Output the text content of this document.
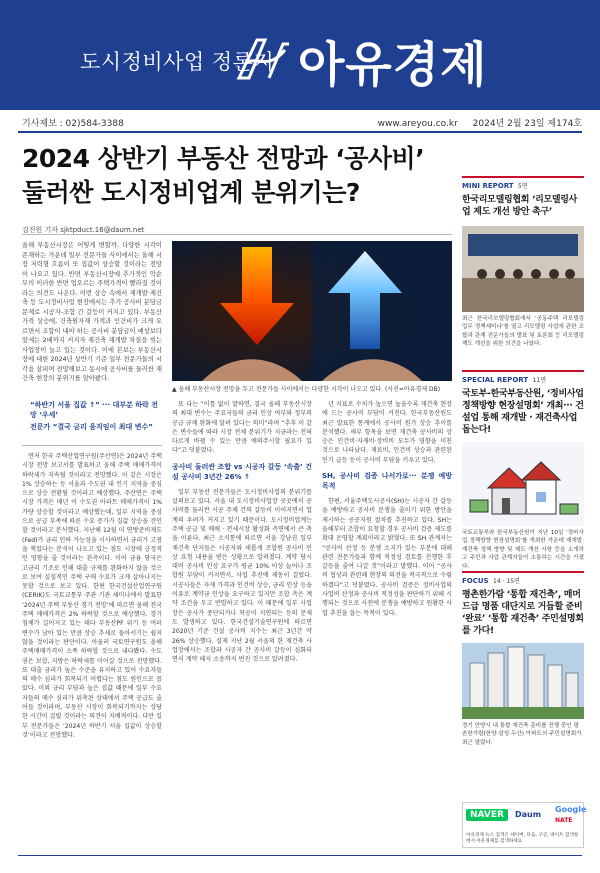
도시정비사업 정론지 아유경제
기사제보 : 02)584-3388	www.areyou.co.kr 2024년 2월 23일 제174호
2024 상반기 부동산 전망과 ‘공사비’ 둘러싼 도시정비업계 분위기는?
김진원 기자 sjktpduct.16@daum.net
올해 부동산시장은 어떻게 변할까. 다양한 시각이 존재하는 가운데 일부 전문가들 사이에서는 올해 시장 저력형 흐름이 또 집값이 상승할 것이라는 전망이 나오고 있다. 반면 부동산시장에 추가적인 악순 무의 이러한 반면 업오르는 주택가격이 빨라질 것이라는 의견도 나온다. 이번 상승 속에서 재개발·재건축 등 도시정비사업 현장에서는 추가 공사비 분담금 문제로 시공자-조합 간 갈등이 커지고 있다. 부동산 가격 상승에, 건축원자재 가격과 인건비가 크게 오르면서 조합이 내야 하는 공사비 분담금이 예상보다 앞세는 2배까지 커지자 재건축 재개발 차질을 빚는 사업장이 늘고 있는 것이다. 이에 본보는 부동산시장에 대한 2024년 상반기 기준 일부 전문가들의 시각을 살피며 전망해보고 동시에 공사비를 둘러싼 재건축 현장의 분위기를 알아봤다.
▲ 올해 부동산시장 전망을 두고 전문가들 사이에서는 다양한 시각이 나오고 있다. (사진=아유경제 DB)
“하반기 서울 집값 ↑” ··· 대부분 하락 전망 ‘우세’
전문가 “결국 금리 움직임이 최대 변수”

먼저 한국 주택산업연구원(주산연)은 2024년 주택시장 전망 보고서를 발표하고 올해 주택 매매가격이 하락세가 지속될 것이라고 전망했다. 이 같은 시장은 1% 상승하는 등 서울과 수도권 내 인기 지역을 중심으로 상승 전환될 것이라고 예상했다. 주산연은 주택시장 가격은 매년 이 수도권 아파트 매매가격이 1% 가량 상승할 것이라고 예상했는데, 일부 지역을 중심으로 공급 부족에 따른 수요 증가가 집값 상승을 견인할 것이라고 분석했다. 지난해 12월 미 연방준비제도(Fed)가 금리 인하 가능성을 시사하면서 금리가 고점을 찍었다는 분석이 나오고 있는 점도 시장에 긍정적인 영향을 줄 것이라는 관측이다. 이어 금융 당국은 고금리 기조로 인해 대출 규제를 완화하지 않을 것으로 보여 실질적인 주택 구매 수요가 크게 살아나지는 못할 것으로 보고 있다. 한편 한국건설산업연구원(CERIK)도 국토교통부 주관 기관 세미나에서 발표한 ‘2024년 주택 부동산 경기 전망’에 따르면 올해 전국 주택 매매가격은 2% 하락할 것으로 예상했다. 경기침체가 길어지고 있는 데다 부동산PF 위기 등 여러 변수가 남아 있는 만큼 상승 추세로 돌아서기는 쉽지 않을 것이라는 판단이다. 아울러 국토연구원도 올해 주택매매가격이 소폭 하락할 것으로 내다봤다. 수도권은 보합, 지방은 하락세를 이어갈 것으로 전망했다. 또 대출 금리가 높은 수준을 유지하고 있어 수요자들의 매수 심리가 회복되기 어렵다는 점도 원인으로 꼽았다. 이외 금리 부담과 높은 집값 때문에 일부 수요자들의 매수 심리가 위축된 상태에서 주택 공급도 줄어들 것이라며, 부동산 시장이 회복되기까지는 상당한 시간이 걸릴 것이라는 의견이 지배적이다. 다만 일부 전문가들은 ‘2024년 하반기 서울 집값이 상승할 것’이라고 전망했다.

또 다는 “이를 없이 말하면, 결국 올해 부동산시장의 최대 변수는 주요국들의 금리 인상 여부와 정부의 공급 규제 완화에 달려 있다는 의미”라며 “추후 이 같은 변수들에 따라 시장 전체 분위기가 지금과는 전혀 다르게 바뀔 수 있는 만큼 예의주시할 필요가 있다”고 덧붙였다.

공사비 둘러싼 조합 vs 시공자 갈등 ‘속출’ 건설 공사비 3년간 26% ↑

일부 부동산 전문가들은 도시정비사업의 분위기를 살펴보고 있다. 서울 내 도시정비사업장 곳곳에서 공사비를 둘러싼 시공 주체 간의 갈등이 이어지면서 업계의 우려가 커지고 있기 때문이다. 도시정비업계는 주택 공급 및 매매 · 전세시장 활성화 측면에서 큰 축을 이룬다. 최근 소식통에 따르면 서울 강남권 일부 재건축 단지들은 시공자와 새롭게 조합원 공사비 인상 요청 내용을 받은 상황으로 알려졌다. 계약 당시 대비 공사비 인상 요구가 평균 10% 이상 늘어나 조합원 부담이 커지면서, 사업 추진에 제동이 걸렸다. 시공사들은 자재 가격과 인건비 상승, 금리 인상 등을 이유로 계약금 인상을 요구하고 있지만 조합 측은 계약 조건을 두고 반발하고 있다. 이 때문에 일부 사업장은 공사가 중단되거나 착공이 지연되는 등의 문제도 발생하고 있다. 한국건설기술연구원에 따르면 2020년 기준 건설 공사비 지수는 최근 3년간 약 26% 상승했다. 실제 지난 2월 서울의 한 재건축 사업장에서는 조합과 시공자 간 공사비 갈등이 심화되면서 계약 해지 소송까지 번진 것으로 알려졌다.

년 지표로 수치가 높으면 높을수록 재건축 현장에 드는 공사비 부담이 커진다. 한국부동산원도 최근 발표한 통계에서 공사비 원가 상승 추이를 분석했다. 세부 항목을 보면 재건축 공사비의 상승은 인건비·자재비·장비비 모두가 영향을 미친 것으로 나타났다. 재료비, 인건비 상승과 관련된 인기 급등 등이 공사비 부담을 키우고 있다.

SH, 공사비 검증 나서가로··· 분쟁 예방 목적

한편, 서울주택도시공사(SH)는 시공자 간 갈등을 예방하고 공사비 분쟁을 줄이기 위한 방안을 제시하는 공공지원 절차를 추진하고 있다. SH는 올해부터 조합이 요청할 경우 공사비 검증 제도를 확대 운영할 계획이라고 밝혔다. 또 SH 관계자는 “공사비 산정 등 분쟁 소지가 있는 부분에 대해 관련 전문가들과 함께 적정성 검토를 진행한 후 갈등을 줄여 나갈 것”이라고 말했다. 이어 “공사비 협상과 관련해 현장의 의견을 적극적으로 수렴하겠다”고 덧붙였다. 공사비 검증은 정비사업의 사업비 산정과 공사비 적정성을 판단하기 위해 시행되는 것으로 사전에 분쟁을 예방하고 원활한 사업 추진을 돕는 목적이 있다.

MINI REPORT 5면
한국리모델링협회 ‘리모델링사업 제도 개선 방안 촉구’
최근 한국리모델링협회에서 ‘공동주택 리모델링 업무 정책세미나’를 열고 리모델링 사업에 관한 조합과 관계 전문가들의 발표 및 토론회 등 리모델링제도 개선을 위한 의견을 나눴다.
SPECIAL REPORT 11면
국토부-한국부동산원, ‘정비사업 정책방향 현장설명회’ 개최··· 건설업 통해 재개발 · 재건축사업 돕는다!
국토교통부와 한국부동산원이 지난 10일 ‘정비사업 정책방향 현장설명회’를 개최한 가운데 재개발·재건축 정책 방향 및 제도 개선 사항 등을 소개하고 주민과 사업 관계자들이 소통하는 시간을 가졌다.
FOCUS 14 · 15면
평촌한가람 ‘통합 재건축’, 매머드급 명품 대단지로 거듭할 준비 ‘완료’ ‘통합 재건축’ 주민설명회를 가다!
경기 안양시 내 통합 재건축 준비를 진행 중인 평촌한가람(한양·삼성·두산) 아파트의 주민설명회가 최근 열렸다.
NAVER	Daum
Google
NATE
아유경제 뉴스 검색은 네이버, 다음, 구글, 네이트 검색창에서 아유경제를 검색하세요
